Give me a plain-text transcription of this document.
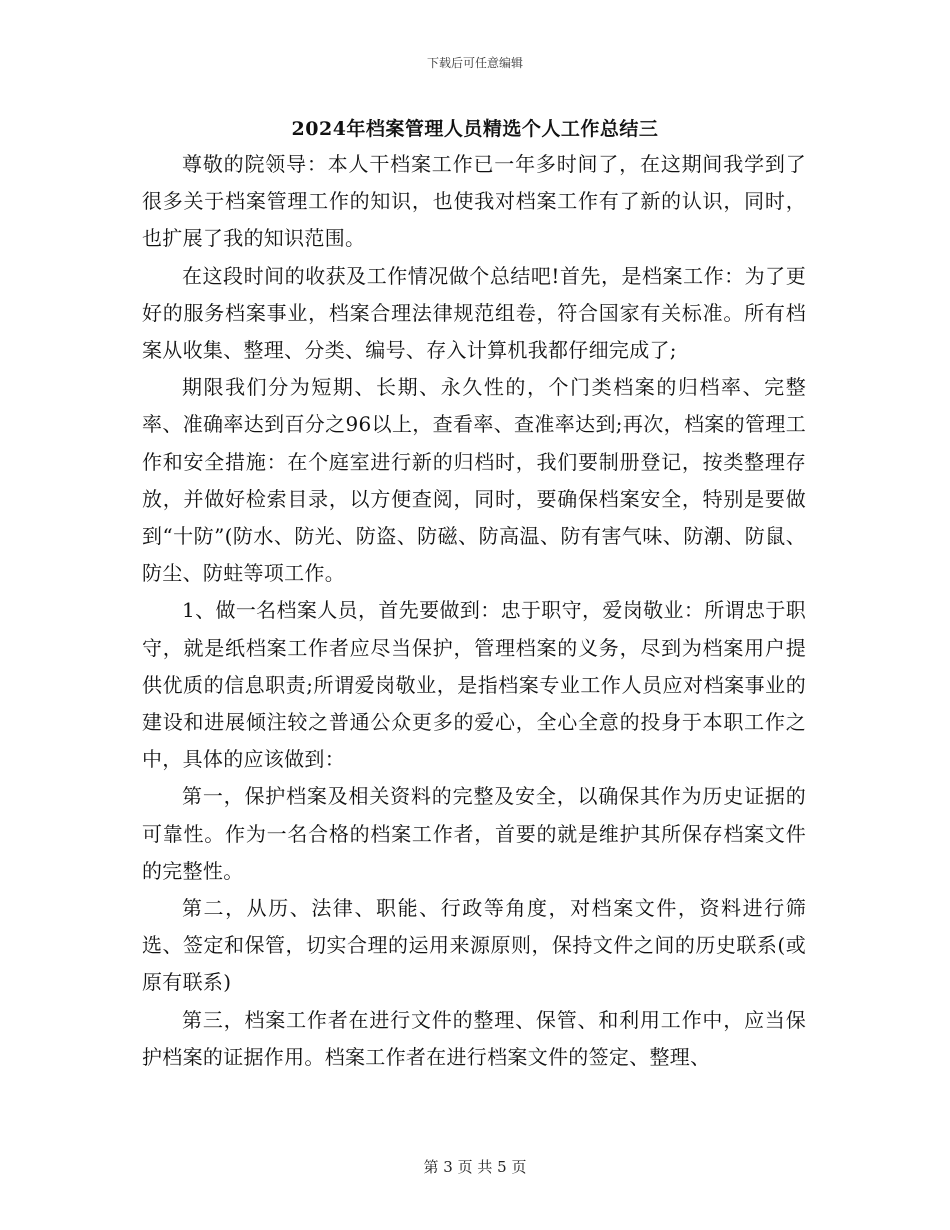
下载后可任意编辑
2024年档案管理人员精选个人工作总结三

尊敬的院领导：本人干档案工作已一年多时间了，在这期间我学到了很多关于档案管理工作的知识，也使我对档案工作有了新的认识，同时，也扩展了我的知识范围。

在这段时间的收获及工作情况做个总结吧!首先，是档案工作：为了更好的服务档案事业，档案合理法律规范组卷，符合国家有关标准。所有档案从收集、整理、分类、编号、存入计算机我都仔细完成了;

期限我们分为短期、长期、永久性的，个门类档案的归档率、完整率、准确率达到百分之96以上，查看率、查准率达到;再次，档案的管理工作和安全措施：在个庭室进行新的归档时，我们要制册登记，按类整理存放，并做好检索目录，以方便查阅，同时，要确保档案安全，特别是要做到“十防”(防水、防光、防盗、防磁、防高温、防有害气味、防潮、防鼠、防尘、防蛀等项工作。

1、做一名档案人员，首先要做到：忠于职守，爱岗敬业：所谓忠于职守，就是纸档案工作者应尽当保护，管理档案的义务，尽到为档案用户提供优质的信息职责;所谓爱岗敬业，是指档案专业工作人员应对档案事业的建设和进展倾注较之普通公众更多的爱心，全心全意的投身于本职工作之中，具体的应该做到：

第一，保护档案及相关资料的完整及安全，以确保其作为历史证据的可靠性。作为一名合格的档案工作者，首要的就是维护其所保存档案文件的完整性。

第二，从历、法律、职能、行政等角度，对档案文件，资料进行筛选、签定和保管，切实合理的运用来源原则，保持文件之间的历史联系(或原有联系)

第三，档案工作者在进行文件的整理、保管、和利用工作中，应当保护档案的证据作用。档案工作者在进行档案文件的签定、整理、

第 3 页 共 5 页
